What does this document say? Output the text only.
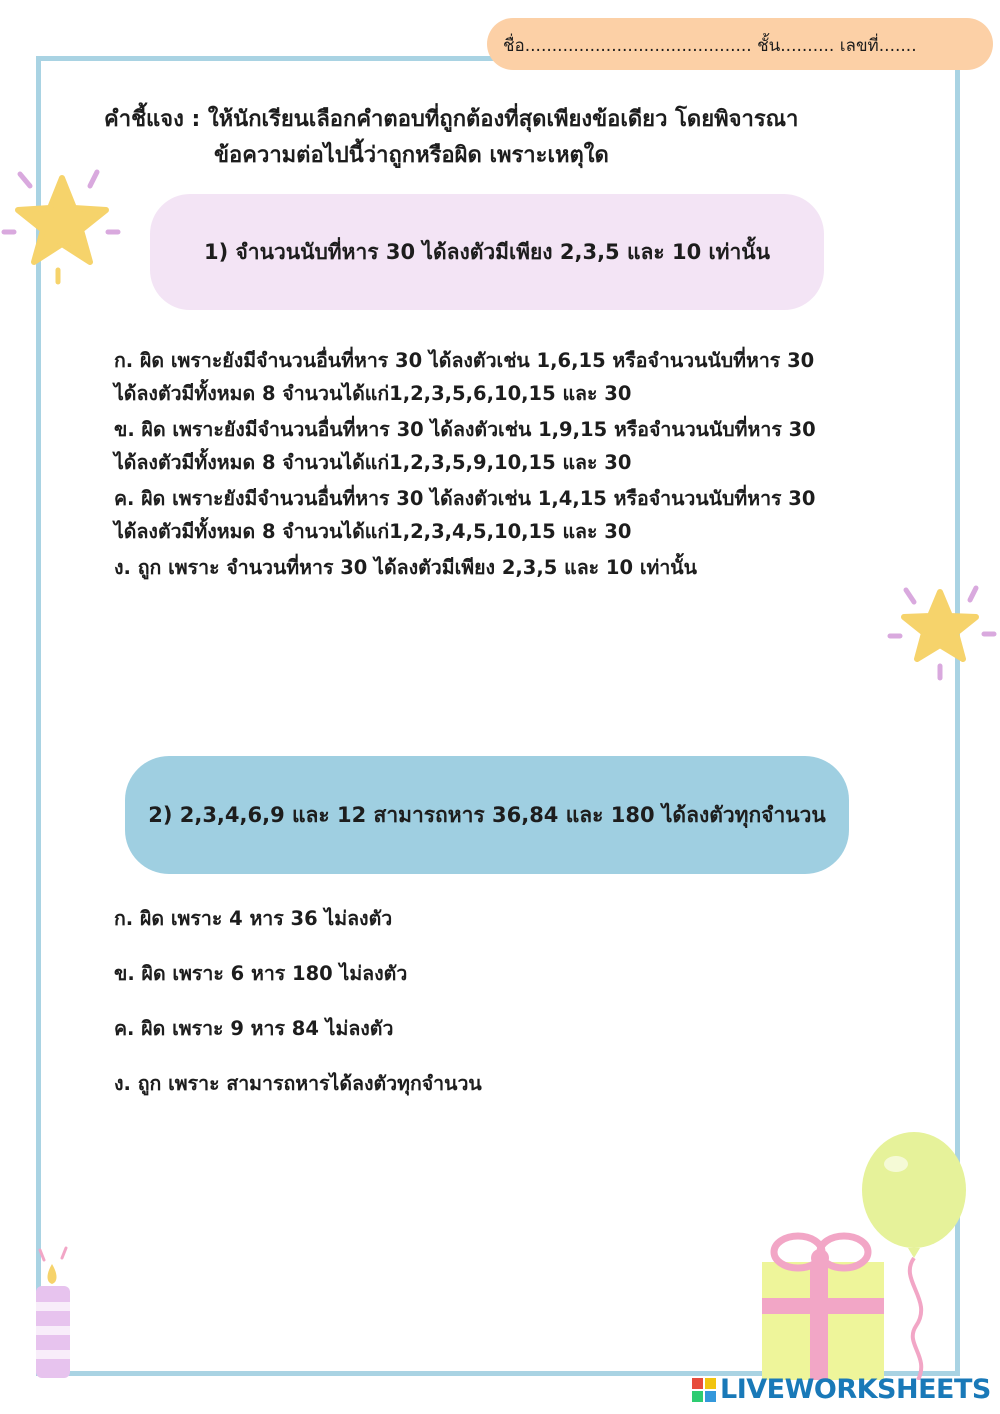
ชื่อ.......................................... ชั้น.......... เลขที่.......
คำชี้แจง : ให้นักเรียนเลือกคำตอบที่ถูกต้องที่สุดเพียงข้อเดียว โดยพิจารณา
ข้อความต่อไปนี้ว่าถูกหรือผิด เพราะเหตุใด
1) จำนวนนับที่หาร 30 ได้ลงตัวมีเพียง 2,3,5 และ 10 เท่านั้น
ก. ผิด เพราะยังมีจำนวนอื่นที่หาร 30 ได้ลงตัวเช่น 1,6,15 หรือจำนวนนับที่หาร 30
ได้ลงตัวมีทั้งหมด 8 จำนวนได้แก่1,2,3,5,6,10,15 และ 30
ข. ผิด เพราะยังมีจำนวนอื่นที่หาร 30 ได้ลงตัวเช่น 1,9,15 หรือจำนวนนับที่หาร 30
ได้ลงตัวมีทั้งหมด 8 จำนวนได้แก่1,2,3,5,9,10,15 และ 30
ค. ผิด เพราะยังมีจำนวนอื่นที่หาร 30 ได้ลงตัวเช่น 1,4,15 หรือจำนวนนับที่หาร 30
ได้ลงตัวมีทั้งหมด 8 จำนวนได้แก่1,2,3,4,5,10,15 และ 30
ง. ถูก เพราะ จำนวนที่หาร 30 ได้ลงตัวมีเพียง 2,3,5 และ 10 เท่านั้น
2) 2,3,4,6,9 และ 12 สามารถหาร 36,84 และ 180 ได้ลงตัวทุกจำนวน
ก. ผิด เพราะ 4 หาร 36 ไม่ลงตัว
ข. ผิด เพราะ 6 หาร 180 ไม่ลงตัว
ค. ผิด เพราะ 9 หาร 84 ไม่ลงตัว
ง. ถูก เพราะ สามารถหารได้ลงตัวทุกจำนวน
LIVEWORKSHEETS
